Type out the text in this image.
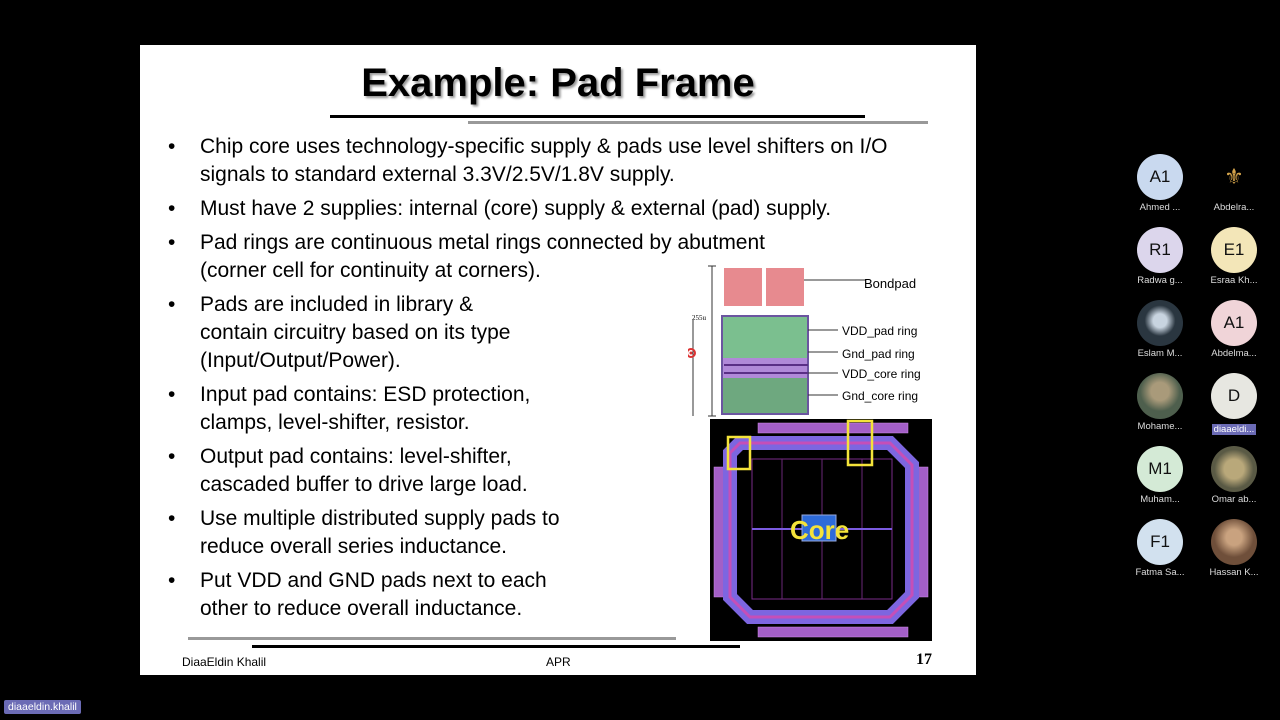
Example: Pad Frame
• Chip core uses technology-specific supply & pads use level shifters on I/O signals to standard external 3.3V/2.5V/1.8V supply.
• Must have 2 supplies: internal (core) supply & external (pad) supply.
• Pad rings are continuous metal rings connected by abutment (corner cell for continuity at corners).
• Pads are included in library & contain circuitry based on its type (Input/Output/Power).
• Input pad contains: ESD protection, clamps, level-shifter, resistor.
• Output pad contains: level-shifter, cascaded buffer to drive large load.
• Use multiple distributed supply pads to reduce overall series inductance.
• Put VDD and GND pads next to each other to reduce overall inductance.
255u
Bondpad
VDD_pad ring
Gnd_pad ring
VDD_core ring
Gnd_core ring
Core
DiaaEldin Khalil	APR	17
A1
Ahmed ...
⚜
Abdelra...
R1
Radwa g...
E1
Esraa Kh...
Eslam M...
A1
Abdelma...
Mohame...
D
diaaeldi...
M1
Muham...	Omar ab...
F1
Fatma Sa...	Hassan K...
diaaeldin.khalil
